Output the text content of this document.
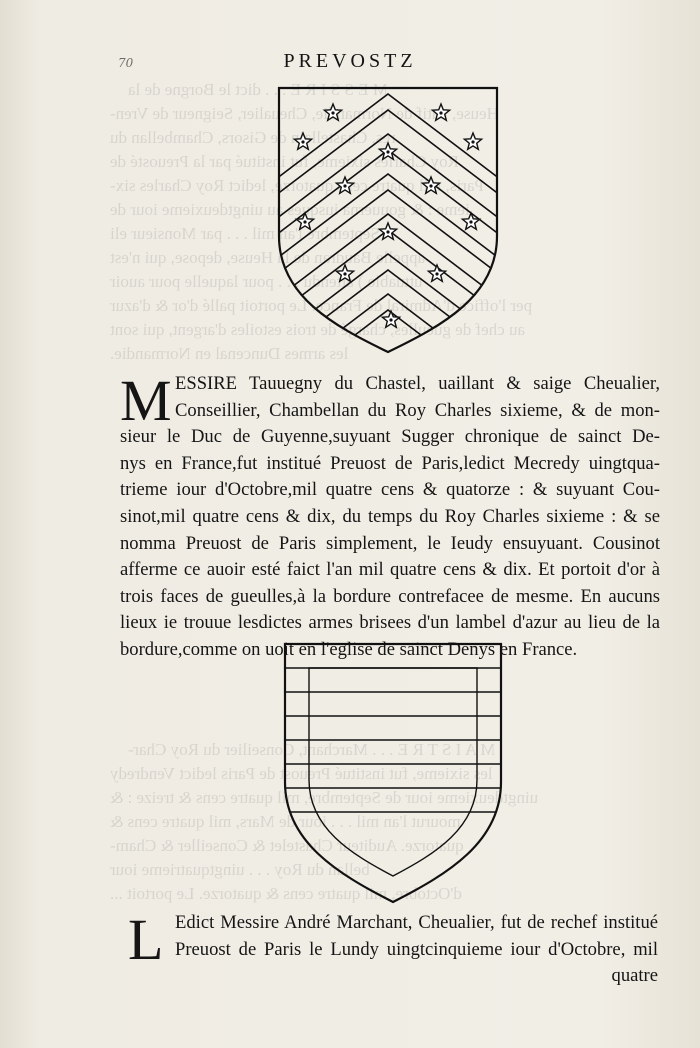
70	PREVOSTZ
M ESSIRE Tauuegny du Chastel, uaillant & saige Cheualier,
Conseillier, Chambellan du Roy Charles sixieme, & de mon-
sieur le Duc de Guyenne,suyuant Sugger chronique de sainct De-
nys en France,fut institué Preuost de Paris,ledict Mecredy uingtqua-
trieme iour d'Octobre,mil quatre cens & quatorze : & suyuant Cou-
sinot,mil quatre cens & dix, du temps du Roy Charles sixieme : & se
nomma Preuost de Paris simplement, le Ieudy ensuyuant. Cousinot
afferme ce auoir esté faict l'an mil quatre cens & dix. Et portoit d'or à
trois faces de gueulles,à la bordure contrefacee de mesme. En aucuns
lieux ie trouue lesdictes armes brisees d'un lambel d'azur au lieu de la
bordure,comme on uoit en l'eglise de sainct Denys en France.
L Edict Messire André Marchant, Cheualier, fut de rechef institué
Preuost de Paris le Lundy uingtcinquieme iour d'Octobre, mil
quatre
